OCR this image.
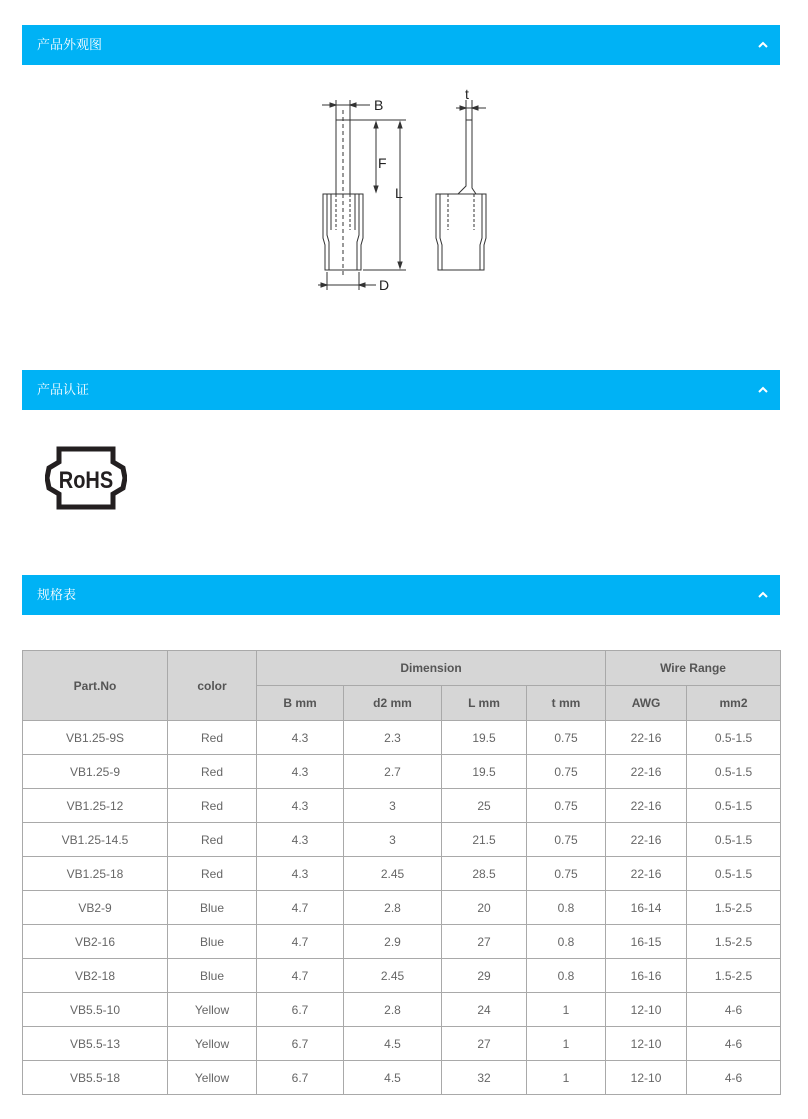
产品外观图
B
t
F
L
D
产品认证
RoHS
规格表
Part.No	color	Dimension				Wire Range	
		B mm	d2 mm	L mm	t mm	AWG	mm2
VB1.25-9S	Red	4.3	2.3	19.5	0.75	22-16	0.5-1.5
VB1.25-9	Red	4.3	2.7	19.5	0.75	22-16	0.5-1.5
VB1.25-12	Red	4.3	3	25	0.75	22-16	0.5-1.5
VB1.25-14.5	Red	4.3	3	21.5	0.75	22-16	0.5-1.5
VB1.25-18	Red	4.3	2.45	28.5	0.75	22-16	0.5-1.5
VB2-9	Blue	4.7	2.8	20	0.8	16-14	1.5-2.5
VB2-16	Blue	4.7	2.9	27	0.8	16-15	1.5-2.5
VB2-18	Blue	4.7	2.45	29	0.8	16-16	1.5-2.5
VB5.5-10	Yellow	6.7	2.8	24	1	12-10	4-6
VB5.5-13	Yellow	6.7	4.5	27	1	12-10	4-6
VB5.5-18	Yellow	6.7	4.5	32	1	12-10	4-6
